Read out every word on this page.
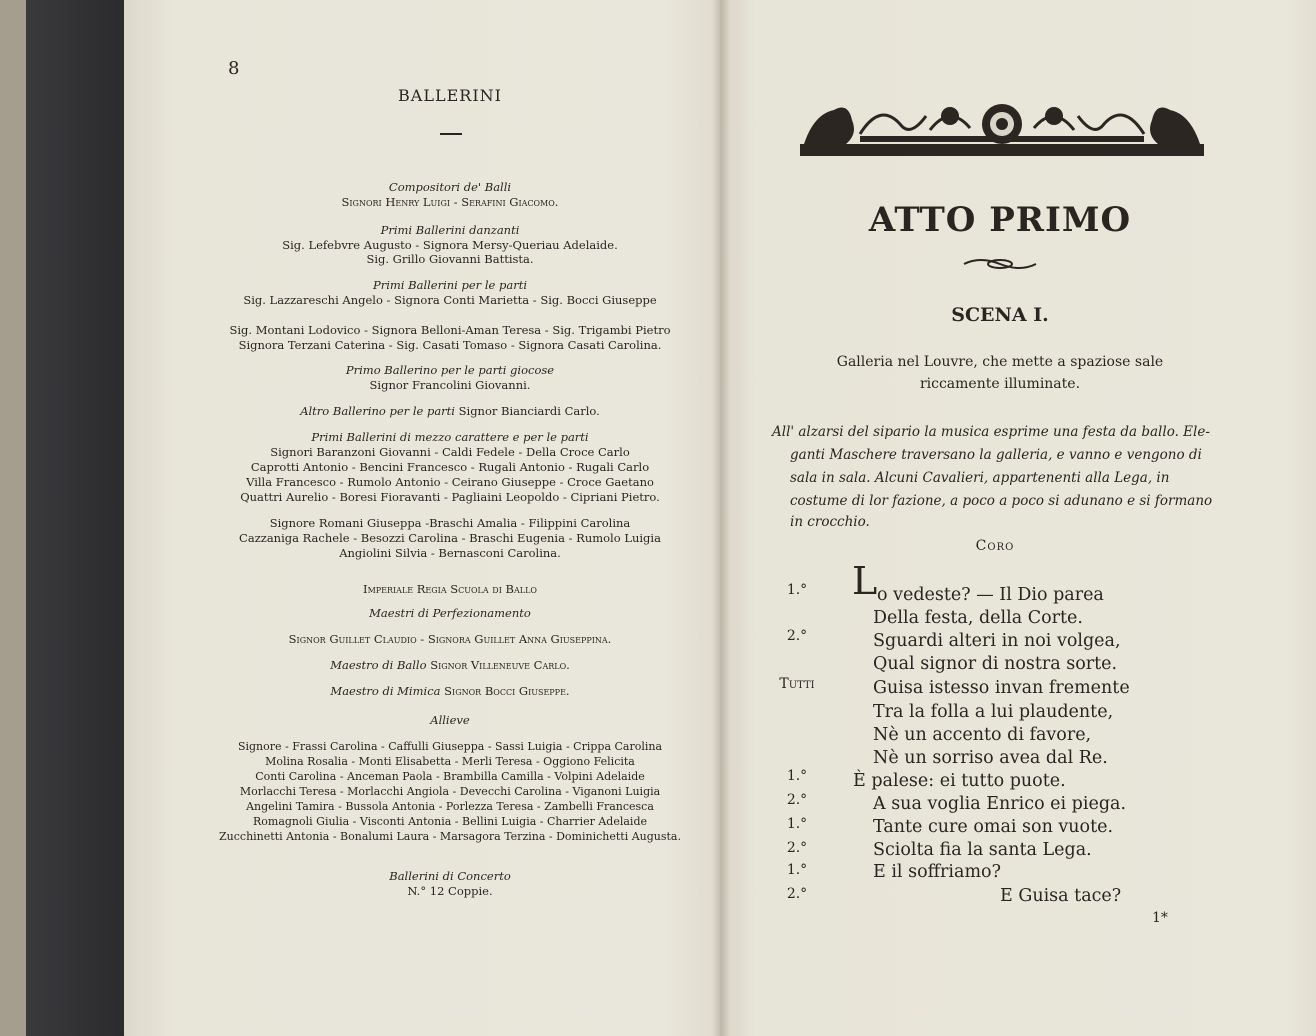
8
BALLERINI
Compositori de' Balli
Signori Henry Luigi - Serafini Giacomo.
Primi Ballerini danzanti
Sig. Lefebvre Augusto - Signora Mersy-Queriau Adelaide.
Sig. Grillo Giovanni Battista.
Primi Ballerini per le parti
Sig. Lazzareschi Angelo - Signora Conti Marietta - Sig. Bocci Giuseppe
Sig. Montani Lodovico - Signora Belloni-Aman Teresa - Sig. Trigambi Pietro
Signora Terzani Caterina - Sig. Casati Tomaso - Signora Casati Carolina.
Primo Ballerino per le parti giocose
Signor Francolini Giovanni.
Altro Ballerino per le parti Signor Bianciardi Carlo.
Primi Ballerini di mezzo carattere e per le parti
Signori Baranzoni Giovanni - Caldi Fedele - Della Croce Carlo
Caprotti Antonio - Bencini Francesco - Rugali Antonio - Rugali Carlo
Villa Francesco - Rumolo Antonio - Ceirano Giuseppe - Croce Gaetano
Quattri Aurelio - Boresi Fioravanti - Pagliaini Leopoldo - Cipriani Pietro.
Signore Romani Giuseppa -Braschi Amalia - Filippini Carolina
Cazzaniga Rachele - Besozzi Carolina - Braschi Eugenia - Rumolo Luigia
Angiolini Silvia - Bernasconi Carolina.
Imperiale Regia Scuola di Ballo
Maestri di Perfezionamento
Signor Guillet Claudio - Signora Guillet Anna Giuseppina.
Maestro di Ballo Signor Villeneuve Carlo.
Maestro di Mimica Signor Bocci Giuseppe.
Allieve
Signore - Frassi Carolina - Caffulli Giuseppa - Sassi Luigia - Crippa Carolina
Molina Rosalia - Monti Elisabetta - Merli Teresa - Oggiono Felicita
Conti Carolina - Anceman Paola - Brambilla Camilla - Volpini Adelaide
Morlacchi Teresa - Morlacchi Angiola - Devecchi Carolina - Viganoni Luigia
Angelini Tamira - Bussola Antonia - Porlezza Teresa - Zambelli Francesca
Romagnoli Giulia - Visconti Antonia - Bellini Luigia - Charrier Adelaide
Zucchinetti Antonia - Bonalumi Laura - Marsagora Terzina - Dominichetti Augusta.
Ballerini di Concerto
N.° 12 Coppie.
ATTO PRIMO
SCENA I.
Galleria nel Louvre, che mette a spaziose sale
riccamente illuminate.
All' alzarsi del sipario la musica esprime una festa da ballo. Ele-
ganti Maschere traversano la galleria, e vanno e vengono di
sala in sala. Alcuni Cavalieri, appartenenti alla Lega, in
costume di lor fazione, a poco a poco si adunano e si formano
in crocchio.
Coro
L
1.°	o vedeste? — Il Dio parea
Della festa, della Corte.
2.°	Sguardi alteri in noi volgea,
Qual signor di nostra sorte.
Tutti	Guisa istesso invan fremente
Tra la folla a lui plaudente,
Nè un accento di favore,
Nè un sorriso avea dal Re.
1.°	È palese: ei tutto puote.
2.°	A sua voglia Enrico ei piega.
1.°	Tante cure omai son vuote.
2.°	Sciolta fia la santa Lega.
1.°	E il soffriamo?
2.°	E Guisa tace?
1*
